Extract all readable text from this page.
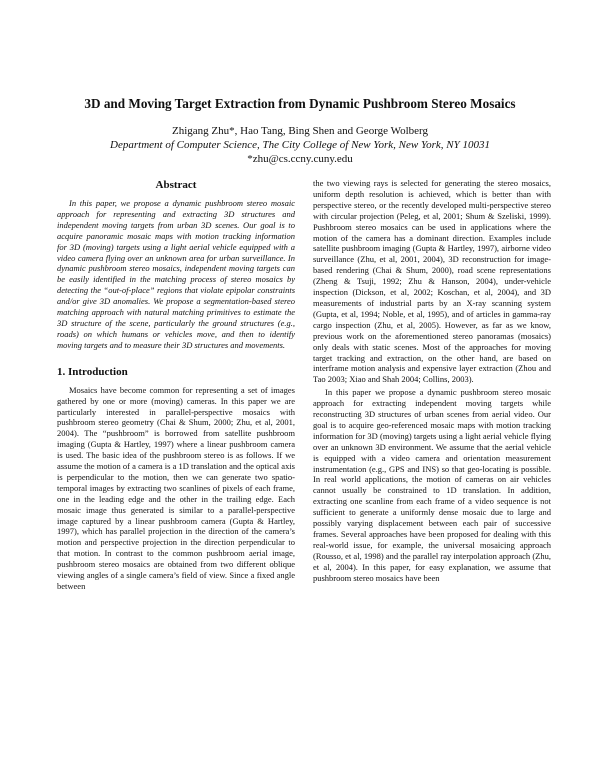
3D and Moving Target Extraction from Dynamic Pushbroom Stereo Mosaics
Zhigang Zhu*, Hao Tang, Bing Shen and George Wolberg
Department of Computer Science, The City College of New York, New York, NY 10031
*zhu@cs.ccny.cuny.edu

Abstract

In this paper, we propose a dynamic pushbroom stereo mosaic approach for representing and extracting 3D structures and independent moving targets from urban 3D scenes. Our goal is to acquire panoramic mosaic maps with motion tracking information for 3D (moving) targets using a light aerial vehicle equipped with a video camera flying over an unknown area for urban surveillance. In dynamic pushbroom stereo mosaics, independent moving targets can be easily identified in the matching process of stereo mosaics by detecting the “out-of-place” regions that violate epipolar constraints and/or give 3D anomalies. We propose a segmentation-based stereo matching approach with natural matching primitives to estimate the 3D structure of the scene, particularly the ground structures (e.g., roads) on which humans or vehicles move, and then to identify moving targets and to measure their 3D structures and movements.

1. Introduction

Mosaics have become common for representing a set of images gathered by one or more (moving) cameras. In this paper we are particularly interested in parallel-perspective mosaics with pushbroom stereo geometry (Chai & Shum, 2000; Zhu, et al, 2001, 2004). The “pushbroom” is borrowed from satellite pushbroom imaging (Gupta & Hartley, 1997) where a linear pushbroom camera is used. The basic idea of the pushbroom stereo is as follows. If we assume the motion of a camera is a 1D translation and the optical axis is perpendicular to the motion, then we can generate two spatio-temporal images by extracting two scanlines of pixels of each frame, one in the leading edge and the other in the trailing edge. Each mosaic image thus generated is similar to a parallel-perspective image captured by a linear pushbroom camera (Gupta & Hartley, 1997), which has parallel projection in the direction of the camera’s motion and perspective projection in the direction perpendicular to that motion. In contrast to the common pushbroom aerial image, pushbroom stereo mosaics are obtained from two different oblique viewing angles of a single camera’s field of view. Since a fixed angle between

the two viewing rays is selected for generating the stereo mosaics, uniform depth resolution is achieved, which is better than with perspective stereo, or the recently developed multi-perspective stereo with circular projection (Peleg, et al, 2001; Shum & Szeliski, 1999). Pushbroom stereo mosaics can be used in applications where the motion of the camera has a dominant direction. Examples include satellite pushbroom imaging (Gupta & Hartley, 1997), airborne video surveillance (Zhu, et al, 2001, 2004), 3D reconstruction for image-based rendering (Chai & Shum, 2000), road scene representations (Zheng & Tsuji, 1992; Zhu & Hanson, 2004), under-vehicle inspection (Dickson, et al, 2002; Koschan, et al, 2004), and 3D measurements of industrial parts by an X-ray scanning system (Gupta, et al, 1994; Noble, et al, 1995), and of articles in gamma-ray cargo inspection (Zhu, et al, 2005). However, as far as we know, previous work on the aforementioned stereo panoramas (mosaics) only deals with static scenes. Most of the approaches for moving target tracking and extraction, on the other hand, are based on interframe motion analysis and expensive layer extraction (Zhou and Tao 2003; Xiao and Shah 2004; Collins, 2003).

In this paper we propose a dynamic pushbroom stereo mosaic approach for extracting independent moving targets while reconstructing 3D structures of urban scenes from aerial video. Our goal is to acquire geo-referenced mosaic maps with motion tracking information for 3D (moving) targets using a light aerial vehicle flying over an unknown 3D environment. We assume that the aerial vehicle is equipped with a video camera and orientation measurement instrumentation (e.g., GPS and INS) so that geo-locating is possible. In real world applications, the motion of cameras on air vehicles cannot usually be constrained to 1D translation. In addition, extracting one scanline from each frame of a video sequence is not sufficient to generate a uniformly dense mosaic due to large and possibly varying displacement between each pair of successive frames. Several approaches have been proposed for dealing with this real-world issue, for example, the universal mosaicing approach (Rousso, et al, 1998) and the parallel ray interpolation approach (Zhu, et al, 2004). In this paper, for easy explanation, we assume that pushbroom stereo mosaics have been
